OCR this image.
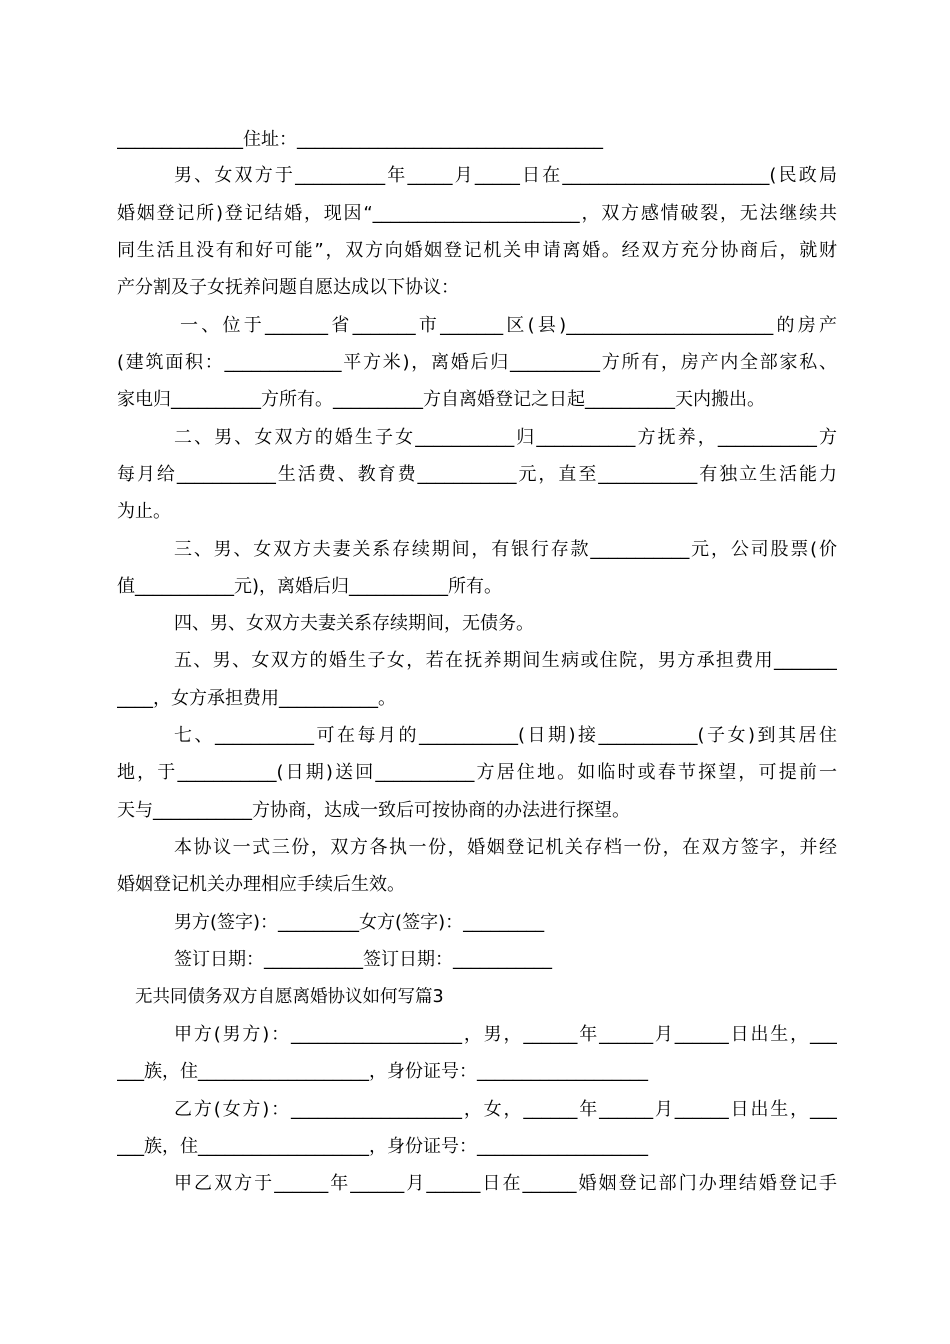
______________住址：__________________________________
男、女双方于__________年_____月_____日在_______________________(民政局
婚姻登记所)登记结婚，现因“_______________________，双方感情破裂，无法继续共
同生活且没有和好可能”，双方向婚姻登记机关申请离婚。经双方充分协商后，就财
产分割及子女抚养问题自愿达成以下协议：
一、位于_______省_______市_______区(县)_______________________的房产
(建筑面积：_____________平方米)，离婚后归__________方所有，房产内全部家私、
家电归__________方所有。__________方自离婚登记之日起__________天内搬出。
二、男、女双方的婚生子女___________归___________方抚养，___________方
每月给___________生活费、教育费___________元，直至___________有独立生活能力
为止。
三、男、女双方夫妻关系存续期间，有银行存款___________元，公司股票(价
值___________元)，离婚后归___________所有。
四、男、女双方夫妻关系存续期间，无债务。
五、男、女双方的婚生子女，若在抚养期间生病或住院，男方承担费用_______
____，女方承担费用___________。
七、___________可在每月的___________(日期)接___________(子女)到其居住
地，于___________(日期)送回___________方居住地。如临时或春节探望，可提前一
天与___________方协商，达成一致后可按协商的办法进行探望。
本协议一式三份，双方各执一份，婚姻登记机关存档一份，在双方签字，并经
婚姻登记机关办理相应手续后生效。
男方(签字)：_________女方(签字)：_________
签订日期：___________签订日期：___________
无共同债务双方自愿离婚协议如何写篇3
甲方(男方)：___________________，男，______年______月______日出生，___
___族，住___________________，身份证号：___________________
乙方(女方)：___________________，女，______年______月______日出生，___
___族，住___________________，身份证号：___________________
甲乙双方于______年______月______日在______婚姻登记部门办理结婚登记手
